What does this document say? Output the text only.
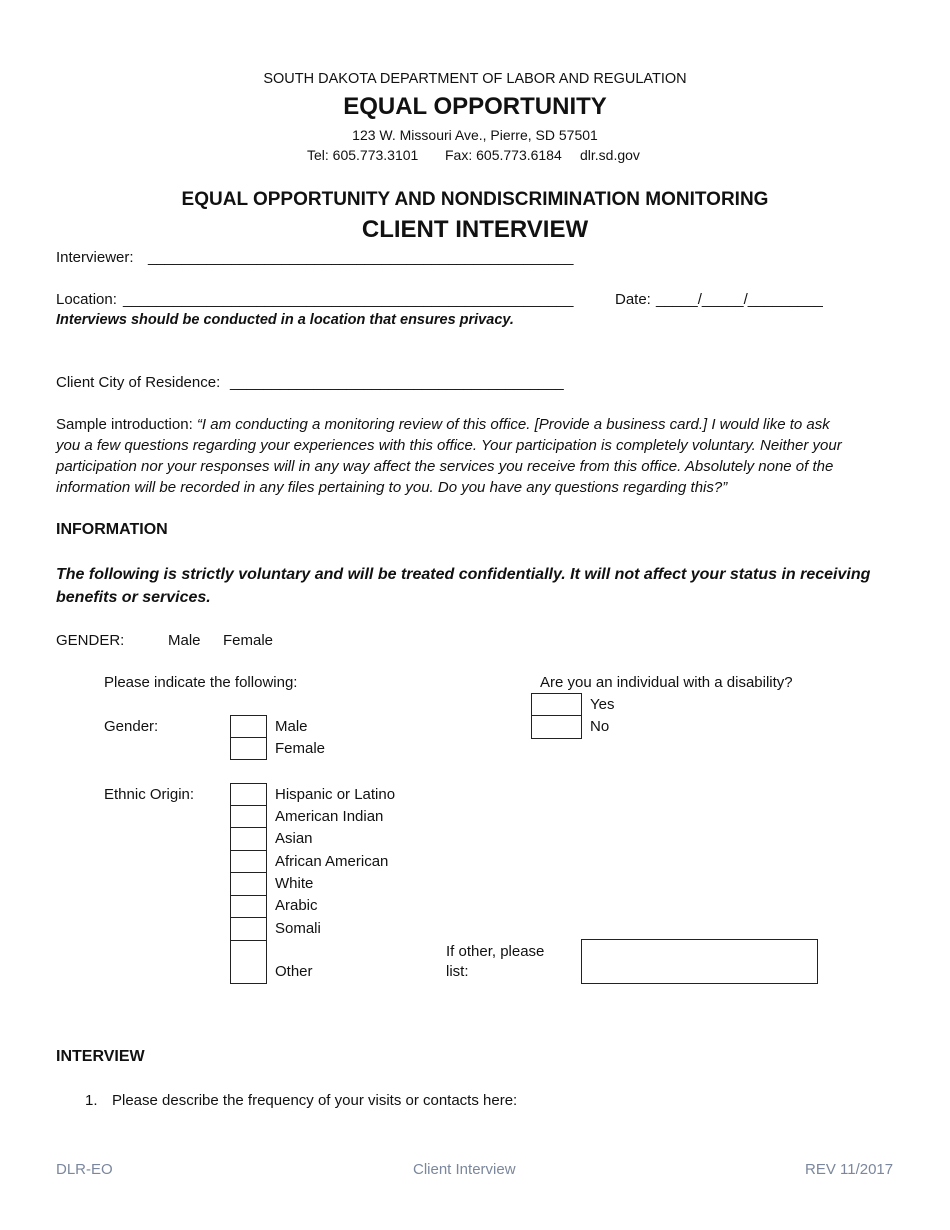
SOUTH DAKOTA DEPARTMENT OF LABOR AND REGULATION
EQUAL OPPORTUNITY
123 W. Missouri Ave., Pierre, SD 57501
Tel: 605.773.3101 Fax: 605.773.6184 dlr.sd.gov
EQUAL OPPORTUNITY AND NONDISCRIMINATION MONITORING
CLIENT INTERVIEW
Interviewer: ___________________________________________________
Location: ______________________________________________________	Date: _____/_____/_________
Interviews should be conducted in a location that ensures privacy.
Client City of Residence: ________________________________________
Sample introduction: “I am conducting a monitoring review of this office. [Provide a business card.] I would like to ask
you a few questions regarding your experiences with this office. Your participation is completely voluntary. Neither your
participation nor your responses will in any way affect the services you receive from this office. Absolutely none of the
information will be recorded in any files pertaining to you. Do you have any questions regarding this?”
INFORMATION
The following is strictly voluntary and will be treated confidentially. It will not affect your status in receiving
benefits or services.
GENDER:	Male Female
Please indicate the following:	Are you an individual with a disability?
Yes
No
Gender:	Male
Female
Ethnic Origin:	Hispanic or Latino
American Indian
Asian
African American
White
Arabic
Somali
Other
If other, please
list:
INTERVIEW
1. Please describe the frequency of your visits or contacts here:
DLR-EO	Client Interview	REV 11/2017
